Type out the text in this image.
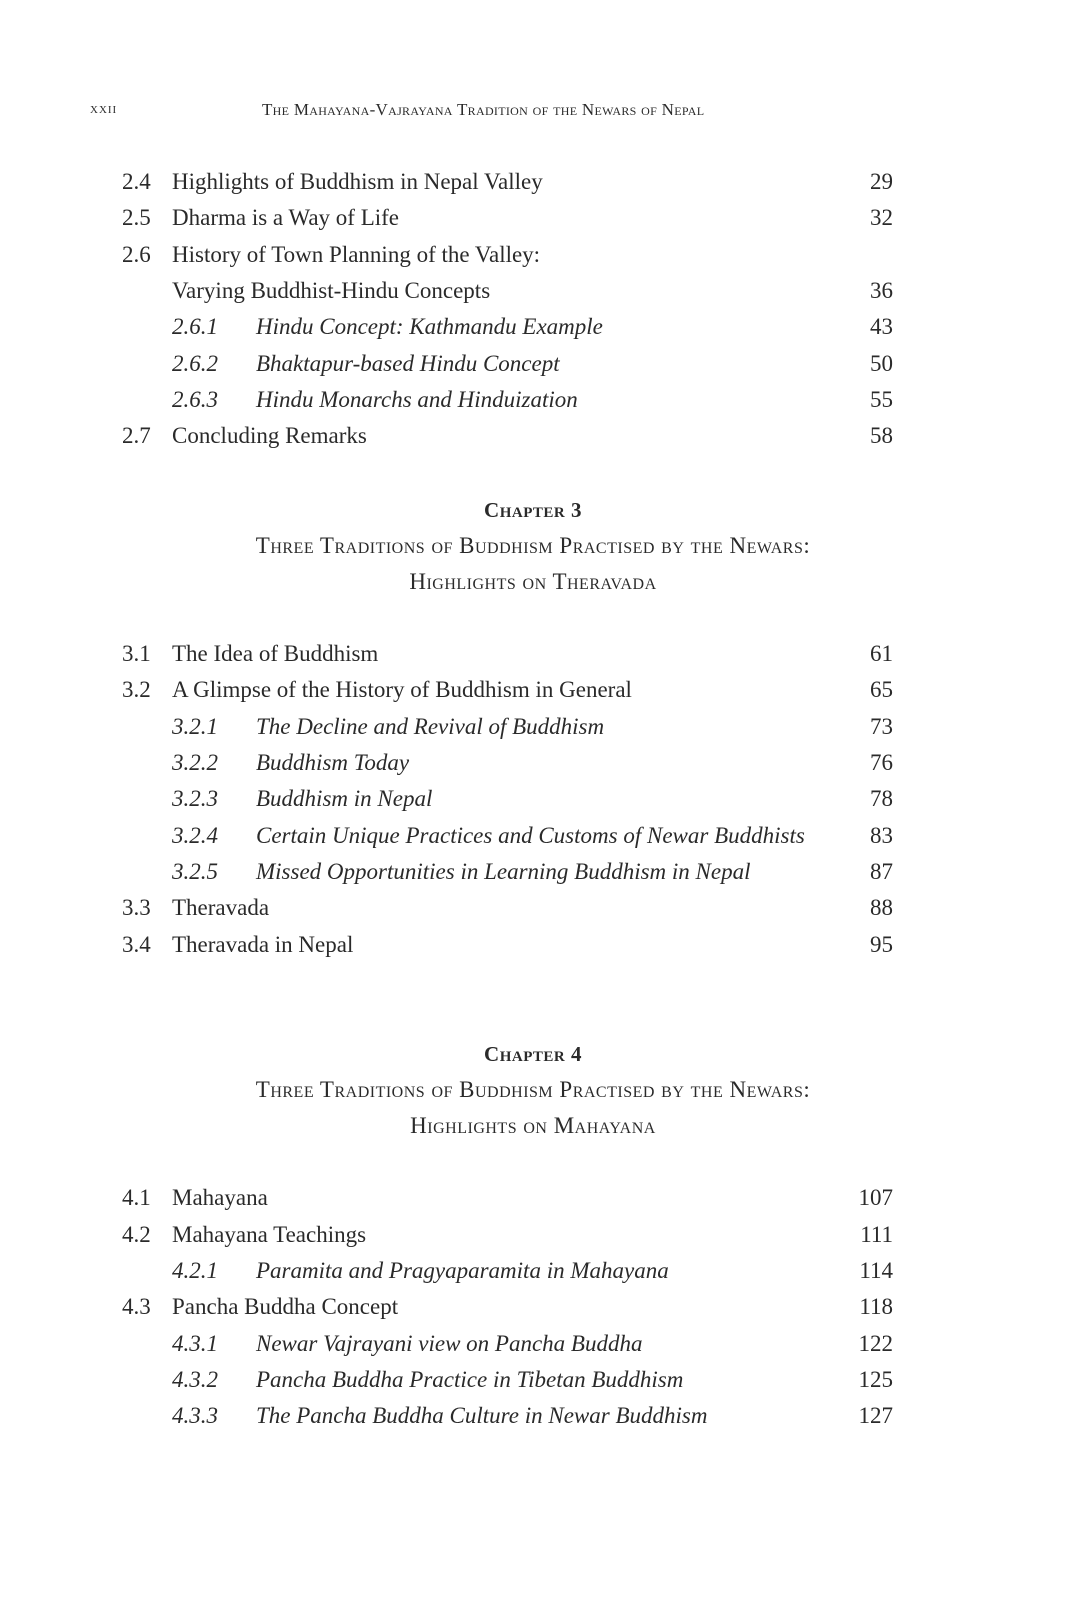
xxii	The Mahayana-Vajrayana Tradition of the Newars of Nepal
2.4 Highlights of Buddhism in Nepal Valley	29
2.5 Dharma is a Way of Life	32
2.6 History of Town Planning of the Valley:
Varying Buddhist-Hindu Concepts	36
2.6.1 Hindu Concept: Kathmandu Example	43
2.6.2 Bhaktapur-based Hindu Concept	50
2.6.3 Hindu Monarchs and Hinduization	55
2.7 Concluding Remarks	58
Chapter 3
Three Traditions of Buddhism Practised by the Newars:
Highlights on Theravada
3.1 The Idea of Buddhism	61
3.2 A Glimpse of the History of Buddhism in General	65
3.2.1 The Decline and Revival of Buddhism	73
3.2.2 Buddhism Today	76
3.2.3 Buddhism in Nepal	78
3.2.4 Certain Unique Practices and Customs of Newar Buddhists	83
3.2.5 Missed Opportunities in Learning Buddhism in Nepal	87
3.3 Theravada	88
3.4 Theravada in Nepal	95
Chapter 4
Three Traditions of Buddhism Practised by the Newars:
Highlights on Mahayana
4.1 Mahayana	107
4.2 Mahayana Teachings	111
4.2.1 Paramita and Pragyaparamita in Mahayana	114
4.3 Pancha Buddha Concept	118
4.3.1 Newar Vajrayani view on Pancha Buddha	122
4.3.2 Pancha Buddha Practice in Tibetan Buddhism	125
4.3.3 The Pancha Buddha Culture in Newar Buddhism	127
